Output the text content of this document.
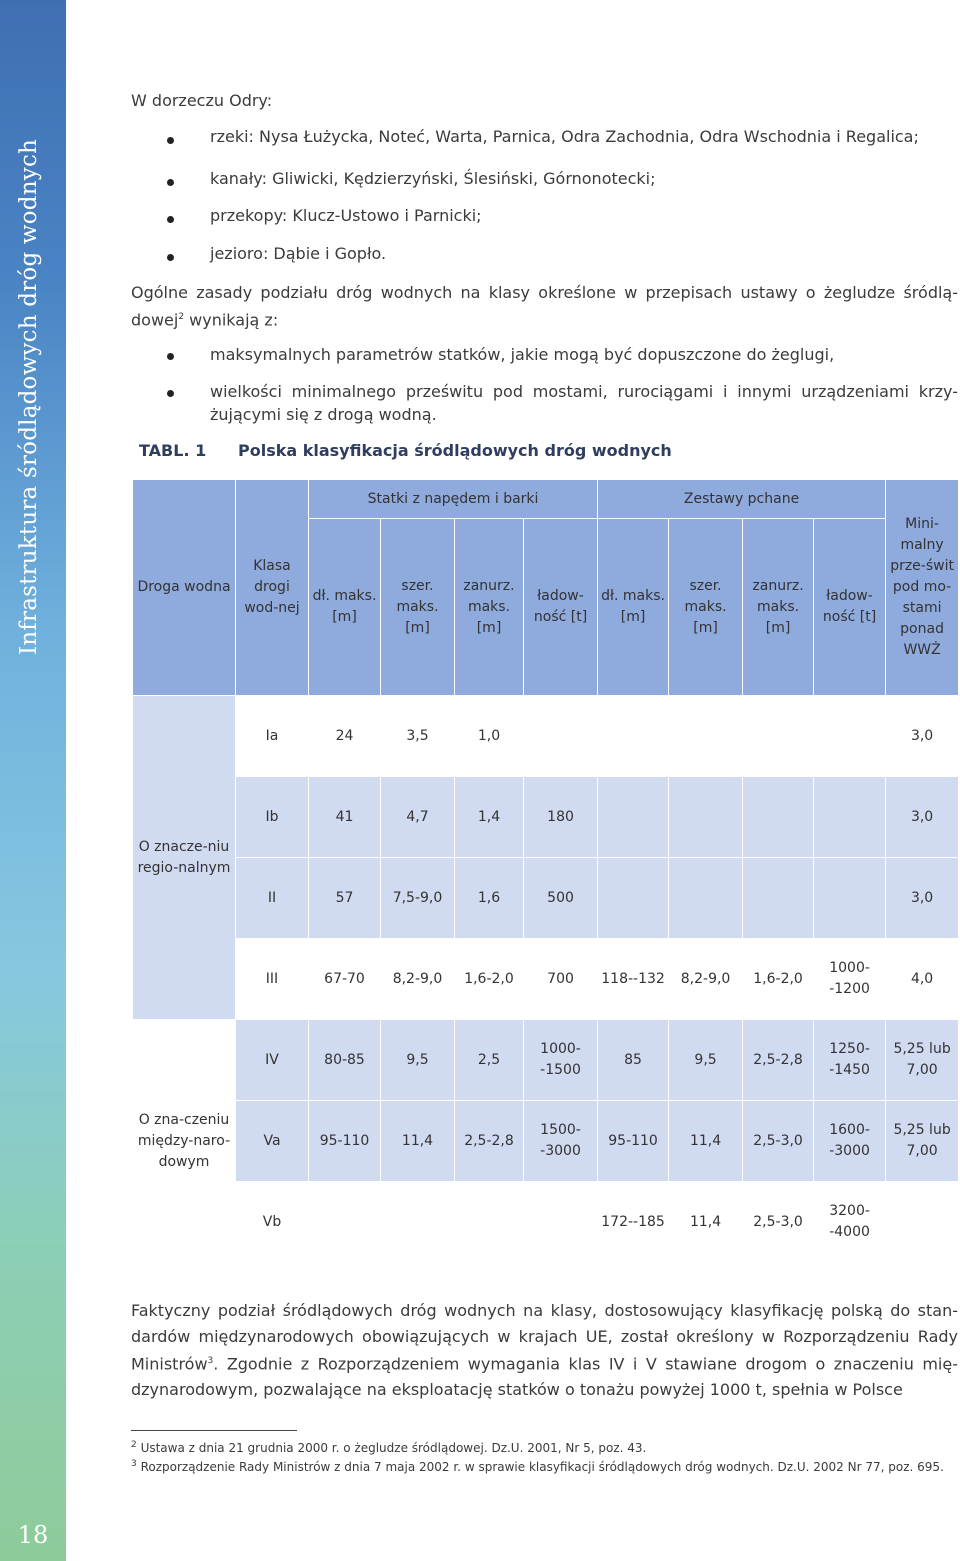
Infrastruktura śródlądowych dróg wodnych
18
W dorzeczu Odry:
rzeki: Nysa Łużycka, Noteć, Warta, Parnica, Odra Zachodnia, Odra Wschodnia i Regalica;
kanały: Gliwicki, Kędzierzyński, Ślesiński, Górnonotecki;
przekopy: Klucz-Ustowo i Parnicki;
jezioro: Dąbie i Gopło.
Ogólne zasady podziału dróg wodnych na klasy określone w przepisach ustawy o żegludze śródlą-dowej$^2$ wynikają z:
maksymalnych parametrów statków, jakie mogą być dopuszczone do żeglugi,
wielkości minimalnego prześwitu pod mostami, rurociągami i innymi urządzeniami krzy-żującymi się z drogą wodną.
TABL. 1 Polska klasyfikacja śródlądowych dróg wodnych
Droga wodna	Klasa drogi wod-nej	Statki z napędem i barki				Zestawy pchane				Mini-malny prze-świt pod mo-stami ponad WWŻ
		dł. maks. [m]	szer. maks. [m]	zanurz. maks. [m]	ładow-ność [t]	dł. maks. [m]	szer. maks. [m]	zanurz. maks. [m]	ładow-ność [t]	
O znacze-niu regio-nalnym	Ia	24	3,5	1,0						3,0
	Ib	41	4,7	1,4	180					3,0
	II	57	7,5-9,0	1,6	500					3,0
	III	67-70	8,2-9,0	1,6-2,0	700	118--132	8,2-9,0	1,6-2,0	1000--1200	4,0
O zna-czeniu między-naro-dowym	IV	80-85	9,5	2,5	1000--1500	85	9,5	2,5-2,8	1250--1450	5,25 lub 7,00
	Va	95-110	11,4	2,5-2,8	1500--3000	95-110	11,4	2,5-3,0	1600--3000	5,25 lub 7,00
	Vb					172--185	11,4	2,5-3,0	3200--4000	
Faktyczny podział śródlądowych dróg wodnych na klasy, dostosowujący klasyfikację polską do stan-dardów międzynarodowych obowiązujących w krajach UE, został określony w Rozporządzeniu Rady Ministrów$^3$. Zgodnie z Rozporządzeniem wymagania klas IV i V stawiane drogom o znaczeniu mię-dzynarodowym, pozwalające na eksploatację statków o tonażu powyżej 1000 t, spełnia w Polsce
$^2$ Ustawa z dnia 21 grudnia 2000 r. o żegludze śródlądowej. Dz.U. 2001, Nr 5, poz. 43.
$^3$ Rozporządzenie Rady Ministrów z dnia 7 maja 2002 r. w sprawie klasyfikacji śródlądowych dróg wodnych. Dz.U. 2002 Nr 77, poz. 695.
